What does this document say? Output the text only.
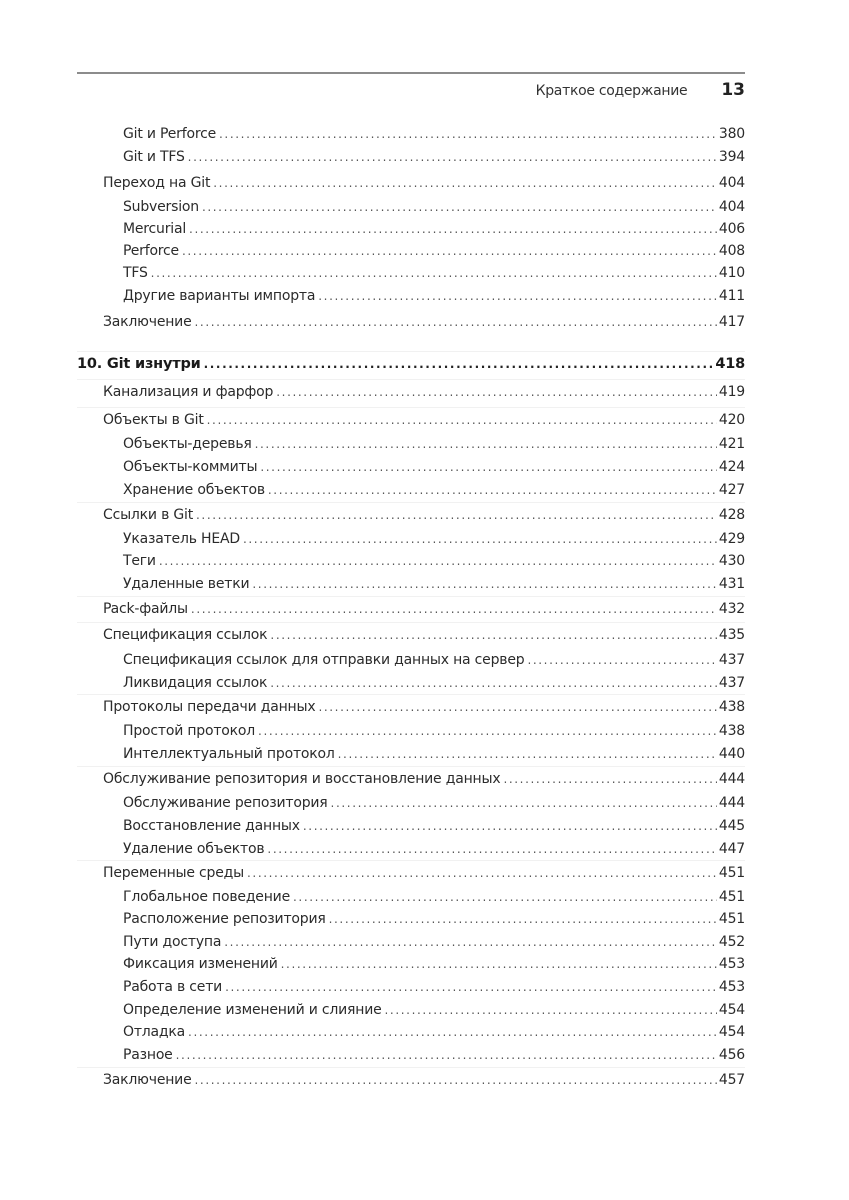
Краткое содержание 13
Git и Perforce .....	380
Git и TFS .....	394
Переход на Git .....	404
Subversion .....	404
Mercurial .....	406
Perforce .....	408
TFS .....	410
Другие варианты импорта .....	411
Заключение .....	417
10. Git изнутри .....	418
Канализация и фарфор .....	419
Объекты в Git .....	420
Объекты-деревья .....	421
Объекты-коммиты .....	424
Хранение объектов .....	427
Ссылки в Git .....	428
Указатель HEAD .....	429
Теги .....	430
Удаленные ветки .....	431
Pack-файлы .....	432
Спецификация ссылок .....	435
Спецификация ссылок для отправки данных на сервер .....	437
Ликвидация ссылок .....	437
Протоколы передачи данных .....	438
Простой протокол .....	438
Интеллектуальный протокол .....	440
Обслуживание репозитория и восстановление данных .....	444
Обслуживание репозитория .....	444
Восстановление данных .....	445
Удаление объектов .....	447
Переменные среды .....	451
Глобальное поведение .....	451
Расположение репозитория .....	451
Пути доступа .....	452
Фиксация изменений .....	453
Работа в сети .....	453
Определение изменений и слияние .....	454
Отладка .....	454
Разное .....	456
Заключение .....	457
